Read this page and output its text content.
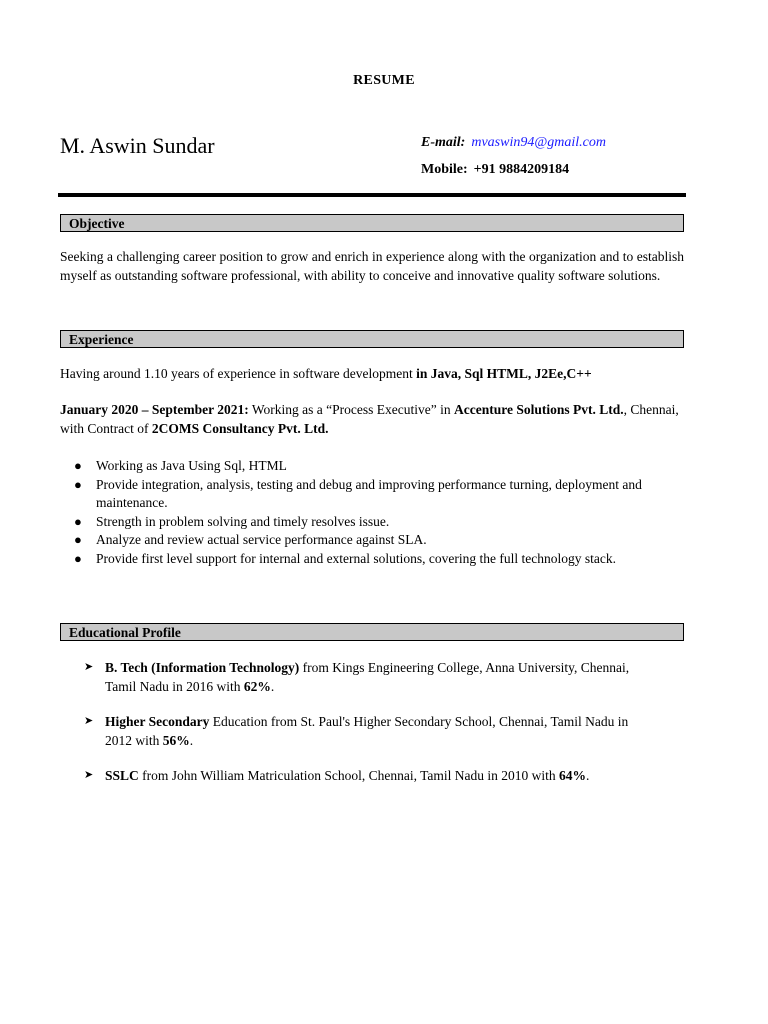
RESUME
M. Aswin Sundar	E-mail: mvaswin94@gmail.com
Mobile: +91 9884209184
Objective
Seeking a challenging career position to grow and enrich in experience along with the organization and to establish myself as outstanding software professional, with ability to conceive and innovative quality software solutions.
Experience
Having around 1.10 years of experience in software development in Java, Sql HTML, J2Ee,C++
January 2020 – September 2021: Working as a “Process Executive” in Accenture Solutions Pvt. Ltd., Chennai, with Contract of 2COMS Consultancy Pvt. Ltd.
● Working as Java Using Sql, HTML
● Provide integration, analysis, testing and debug and improving performance turning, deployment and maintenance.
● Strength in problem solving and timely resolves issue.
● Analyze and review actual service performance against SLA.
● Provide first level support for internal and external solutions, covering the full technology stack.
Educational Profile
➤ B. Tech (Information Technology) from Kings Engineering College, Anna University, Chennai, Tamil Nadu in 2016 with 62%.
➤ Higher Secondary Education from St. Paul's Higher Secondary School, Chennai, Tamil Nadu in 2012 with 56%.
➤ SSLC from John William Matriculation School, Chennai, Tamil Nadu in 2010 with 64%.
